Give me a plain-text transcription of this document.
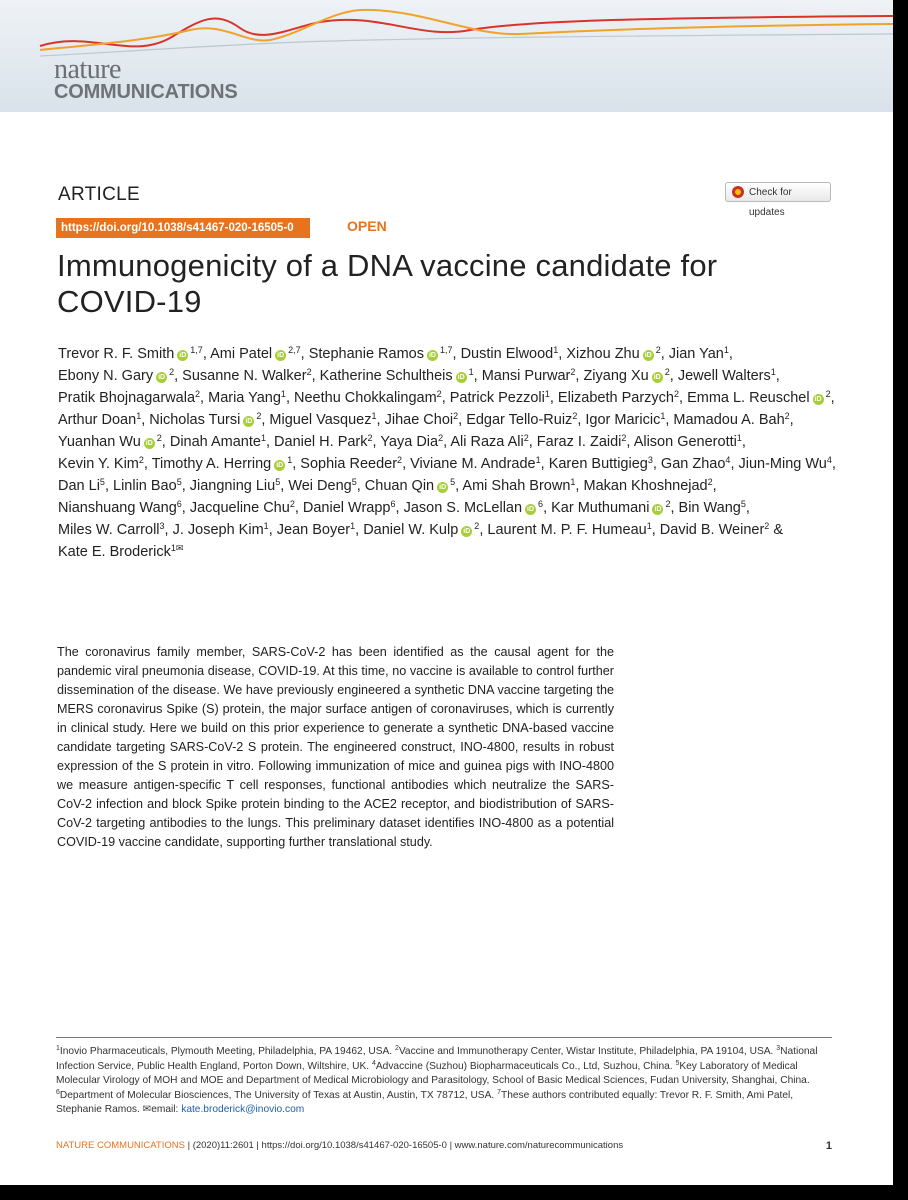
nature
COMMUNICATIONS
ARTICLE	Check for updates
https://doi.org/10.1038/s41467-020-16505-0	OPEN
Immunogenicity of a DNA vaccine candidate for COVID-19
Trevor R. F. Smith iD$^{1,7}$, Ami Patel iD$^{2,7}$, Stephanie Ramos iD$^{1,7}$, Dustin Elwood$^1$, Xizhou Zhu $iD^2$, Jian Yan$^1$, Ebony N. Gary $iD^2$, Susanne N. Walker$^2$, Katherine Schultheis $iD^1$, Mansi Purwar$^2$, Ziyang Xu $iD^2$, Jewell Walters$^1$, Pratik Bhojnagarwala$^2$, Maria Yang$^1$, Neethu Chokkalingam$^2$, Patrick Pezzoli$^1$, Elizabeth Parzych$^2$, Emma L. Reuschel $iD^2$, Arthur Doan$^1$, Nicholas Tursi $iD^2$, Miguel Vasquez$^1$, Jihae Choi$^2$, Edgar Tello-Ruiz$^2$, Igor Maricic$^1$, Mamadou A. Bah$^2$, Yuanhan Wu $iD^2$, Dinah Amante$^1$, Daniel H. Park$^2$, Yaya Dia$^2$, Ali Raza Ali$^2$, Faraz I. Zaidi$^2$, Alison Generotti$^1$, Kevin Y. Kim$^2$, Timothy A. Herring $iD^1$, Sophia Reeder$^2$, Viviane M. Andrade$^1$, Karen Buttigieg$^3$, Gan Zhao$^4$, Jiun-Ming Wu$^4$, Dan Li$^5$, Linlin Bao$^5$, Jiangning Liu$^5$, Wei Deng$^5$, Chuan Qin $iD^5$, Ami Shah Brown$^1$, Makan Khoshnejad$^2$, Nianshuang Wang$^6$, Jacqueline Chu$^2$, Daniel Wrapp$^6$, Jason S. McLellan $iD^6$, Kar Muthumani $iD^2$, Bin Wang$^5$, Miles W. Carroll$^3$, J. Joseph Kim$^1$, Jean Boyer$^1$, Daniel W. Kulp $iD^2$, Laurent M. P. F. Humeau$^1$, David B. Weiner$^2$ & Kate E. Broderick$^{1✉}$

The coronavirus family member, SARS-CoV-2 has been identified as the causal agent for the pandemic viral pneumonia disease, COVID-19. At this time, no vaccine is available to control further dissemination of the disease. We have previously engineered a synthetic DNA vaccine targeting the MERS coronavirus Spike (S) protein, the major surface antigen of coronaviruses, which is currently in clinical study. Here we build on this prior experience to generate a synthetic DNA-based vaccine candidate targeting SARS-CoV-2 S protein. The engineered construct, INO-4800, results in robust expression of the S protein in vitro. Following immunization of mice and guinea pigs with INO-4800 we measure antigen-specific T cell responses, functional antibodies which neutralize the SARS-CoV-2 infection and block Spike protein binding to the ACE2 receptor, and biodistribution of SARS-CoV-2 targeting antibodies to the lungs. This preliminary dataset identifies INO-4800 as a potential COVID-19 vaccine candidate, supporting further translational study.

$^1$Inovio Pharmaceuticals, Plymouth Meeting, Philadelphia, PA 19462, USA. $^2$Vaccine and Immunotherapy Center, Wistar Institute, Philadelphia, PA 19104, USA. $^3$National Infection Service, Public Health England, Porton Down, Wiltshire, UK. $^4$Advaccine (Suzhou) Biopharmaceuticals Co., Ltd, Suzhou, China. $^5$Key Laboratory of Medical Molecular Virology of MOH and MOE and Department of Medical Microbiology and Parasitology, School of Basic Medical Sciences, Fudan University, Shanghai, China. $^6$Department of Molecular Biosciences, The University of Texas at Austin, Austin, TX 78712, USA. $^7$These authors contributed equally: Trevor R. F. Smith, Ami Patel, Stephanie Ramos. ✉email: kate.broderick@inovio.com

NATURE COMMUNICATIONS | (2020)11:2601 | https://doi.org/10.1038/s41467-020-16505-0 | www.nature.com/naturecommunications	1
